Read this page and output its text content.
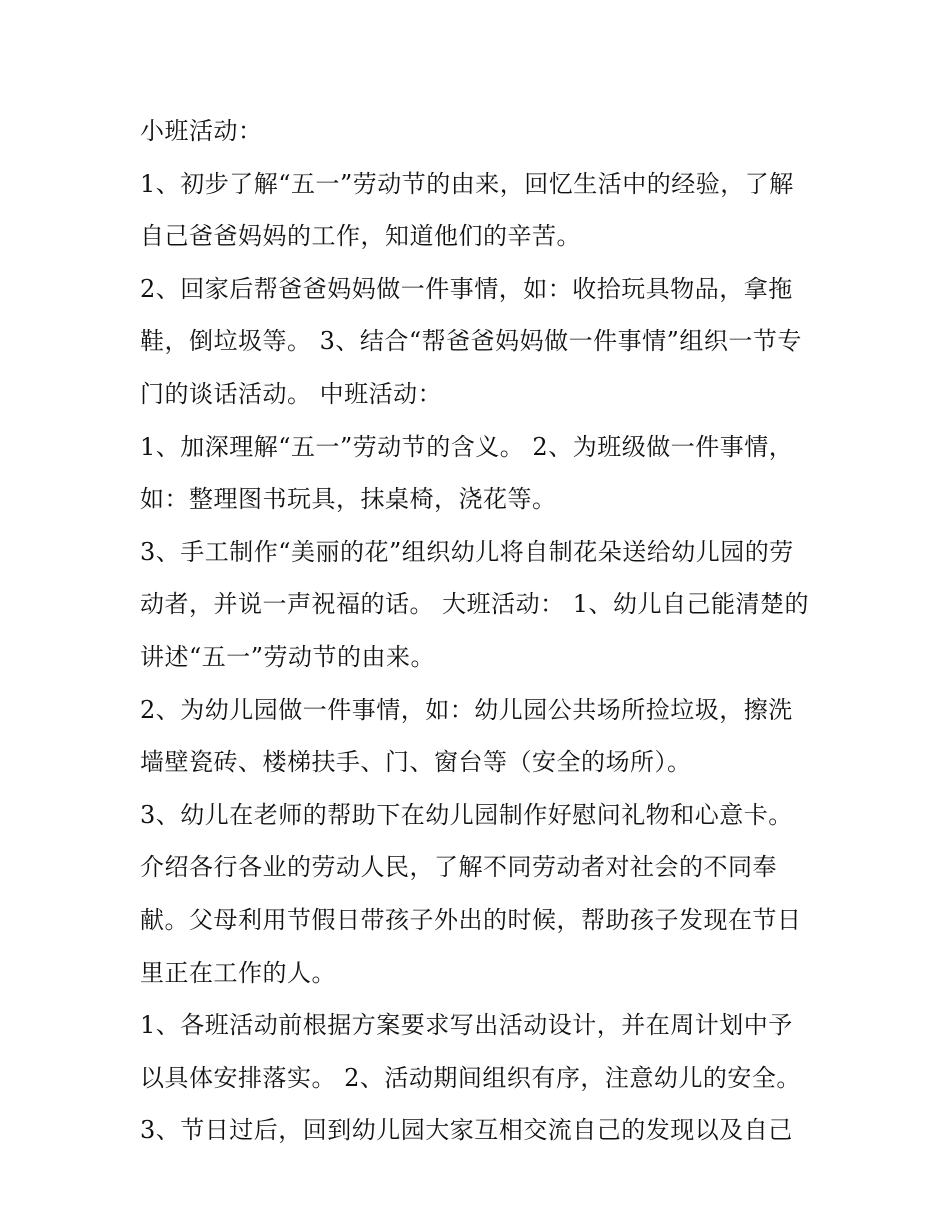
小班活动：
1、初步了解“五一”劳动节的由来，回忆生活中的经验，了解
自己爸爸妈妈的工作，知道他们的辛苦。
2、回家后帮爸爸妈妈做一件事情，如：收拾玩具物品，拿拖
鞋，倒垃圾等。 3、结合“帮爸爸妈妈做一件事情”组织一节专
门的谈话活动。 中班活动：
1、加深理解“五一”劳动节的含义。 2、为班级做一件事情，
如：整理图书玩具，抹桌椅，浇花等。
3、手工制作“美丽的花”组织幼儿将自制花朵送给幼儿园的劳
动者，并说一声祝福的话。 大班活动： 1、幼儿自己能清楚的
讲述“五一”劳动节的由来。
2、为幼儿园做一件事情，如：幼儿园公共场所捡垃圾，擦洗
墙壁瓷砖、楼梯扶手、门、窗台等（安全的场所）。
3、幼儿在老师的帮助下在幼儿园制作好慰问礼物和心意卡。
介绍各行各业的劳动人民，了解不同劳动者对社会的不同奉
献。父母利用节假日带孩子外出的时候，帮助孩子发现在节日
里正在工作的人。
1、各班活动前根据方案要求写出活动设计，并在周计划中予
以具体安排落实。 2、活动期间组织有序，注意幼儿的安全。
3、节日过后，回到幼儿园大家互相交流自己的发现以及自己
